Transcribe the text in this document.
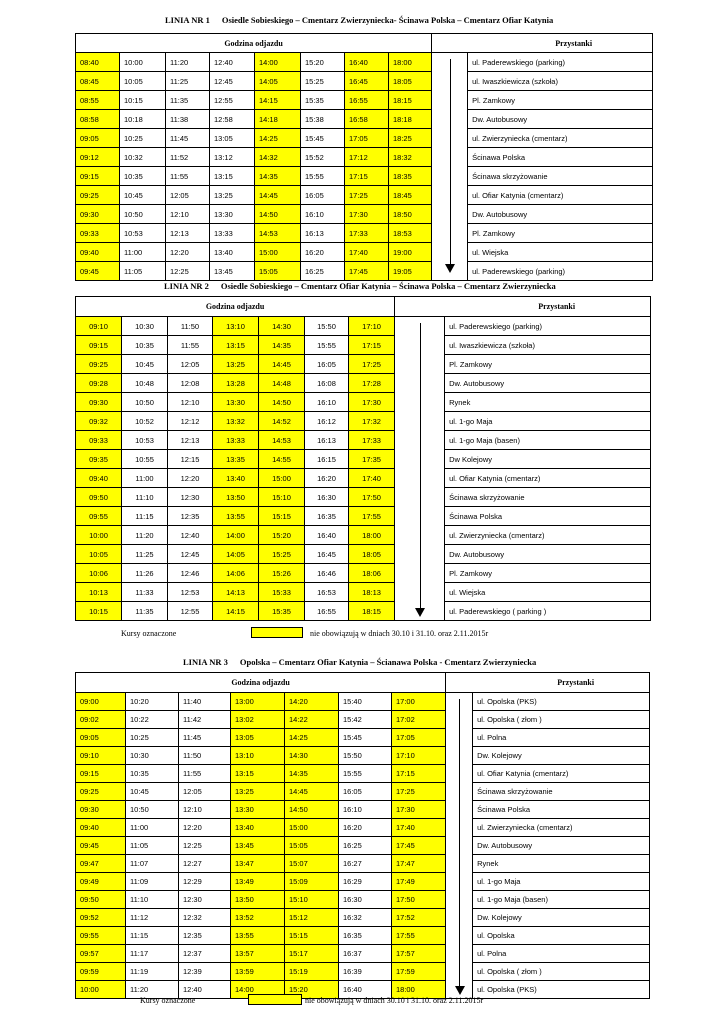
LINIA NR 1 Osiedle Sobieskiego – Cmentarz Zwierzyniecka- Ścinawa Polska – Cmentarz Ofiar Katynia
Godzina odjazdu								Przystanki	
08:40	10:00	11:20	12:40	14:00	15:20	16:40	18:00		ul. Paderewskiego (parking)
08:45	10:05	11:25	12:45	14:05	15:25	16:45	18:05		ul. Iwaszkiewicza (szkoła)
08:55	10:15	11:35	12:55	14:15	15:35	16:55	18:15		Pl. Zamkowy
08:58	10:18	11:38	12:58	14:18	15:38	16:58	18:18		Dw. Autobusowy
09:05	10:25	11:45	13:05	14:25	15:45	17:05	18:25		ul. Zwierzyniecka (cmentarz)
09:12	10:32	11:52	13:12	14:32	15:52	17:12	18:32		Ścinawa Polska
09:15	10:35	11:55	13:15	14:35	15:55	17:15	18:35		Ścinawa skrzyżowanie
09:25	10:45	12:05	13:25	14:45	16:05	17:25	18:45		ul. Ofiar Katynia (cmentarz)
09:30	10:50	12:10	13:30	14:50	16:10	17:30	18:50		Dw. Autobusowy
09:33	10:53	12:13	13:33	14:53	16:13	17:33	18:53		Pl. Zamkowy
09:40	11:00	12:20	13:40	15:00	16:20	17:40	19:00		ul. Wiejska
09:45	11:05	12:25	13:45	15:05	16:25	17:45	19:05		ul. Paderewskiego (parking)
LINIA NR 2 Osiedle Sobieskiego – Cmentarz Ofiar Katynia – Ścinawa Polska – Cmentarz Zwierzyniecka
Godzina odjazdu							Przystanki	
09:10	10:30	11:50	13:10	14:30	15:50	17:10		ul. Paderewskiego (parking)
09:15	10:35	11:55	13:15	14:35	15:55	17:15		ul. Iwaszkiewicza (szkoła)
09:25	10:45	12:05	13:25	14:45	16:05	17:25		Pl. Zamkowy
09:28	10:48	12:08	13:28	14:48	16:08	17:28		Dw. Autobusowy
09:30	10:50	12:10	13:30	14:50	16:10	17:30		Rynek
09:32	10:52	12:12	13:32	14:52	16:12	17:32		ul. 1-go Maja
09:33	10:53	12:13	13:33	14:53	16:13	17:33		ul. 1-go Maja (basen)
09:35	10:55	12:15	13:35	14:55	16:15	17:35		Dw Kolejowy
09:40	11:00	12:20	13:40	15:00	16:20	17:40		ul. Ofiar Katynia (cmentarz)
09:50	11:10	12:30	13:50	15:10	16:30	17:50		Ścinawa skrzyżowanie
09:55	11:15	12:35	13:55	15:15	16:35	17:55		Ścinawa Polska
10:00	11:20	12:40	14:00	15:20	16:40	18:00		ul. Zwierzyniecka (cmentarz)
10:05	11:25	12:45	14:05	15:25	16:45	18:05		Dw. Autobusowy
10:06	11:26	12:46	14:06	15:26	16:46	18:06		Pl. Zamkowy
10:13	11:33	12:53	14:13	15:33	16:53	18:13		ul. Wiejska
10:15	11:35	12:55	14:15	15:35	16:55	18:15		ul. Paderewskiego ( parking )
Kursy oznaczone	nie obowiązują w dniach 30.10 i 31.10. oraz 2.11.2015r
LINIA NR 3 Opolska – Cmentarz Ofiar Katynia – Ścianawa Polska - Cmentarz Zwierzyniecka
Godzina odjazdu							Przystanki	
09:00	10:20	11:40	13:00	14:20	15:40	17:00		ul. Opolska (PKS)
09:02	10:22	11:42	13:02	14:22	15:42	17:02		ul. Opolska ( złom )
09:05	10:25	11:45	13:05	14:25	15:45	17:05		ul. Polna
09:10	10:30	11:50	13:10	14:30	15:50	17:10		Dw. Kolejowy
09:15	10:35	11:55	13:15	14:35	15:55	17:15		ul. Ofiar Katynia (cmentarz)
09:25	10:45	12:05	13:25	14:45	16:05	17:25		Ścinawa skrzyżowanie
09:30	10:50	12:10	13:30	14:50	16:10	17:30		Ścinawa Polska
09:40	11:00	12:20	13:40	15:00	16:20	17:40		ul. Zwierzyniecka (cmentarz)
09:45	11:05	12:25	13:45	15:05	16:25	17:45		Dw. Autobusowy
09:47	11:07	12:27	13:47	15:07	16:27	17:47		Rynek
09:49	11:09	12:29	13:49	15:09	16:29	17:49		ul. 1-go Maja
09:50	11:10	12:30	13:50	15:10	16:30	17:50		ul. 1-go Maja (basen)
09:52	11:12	12:32	13:52	15:12	16:32	17:52		Dw. Kolejowy
09:55	11:15	12:35	13:55	15:15	16:35	17:55		ul. Opolska
09:57	11:17	12:37	13:57	15:17	16:37	17:57		ul. Polna
09:59	11:19	12:39	13:59	15:19	16:39	17:59		ul. Opolska ( złom )
10:00	11:20	12:40	14:00	15:20	16:40	18:00		ul. Opolska (PKS)
Kursy oznaczone	nie obowiązują w dniach 30.10 i 31.10. oraz 2.11.2015r
